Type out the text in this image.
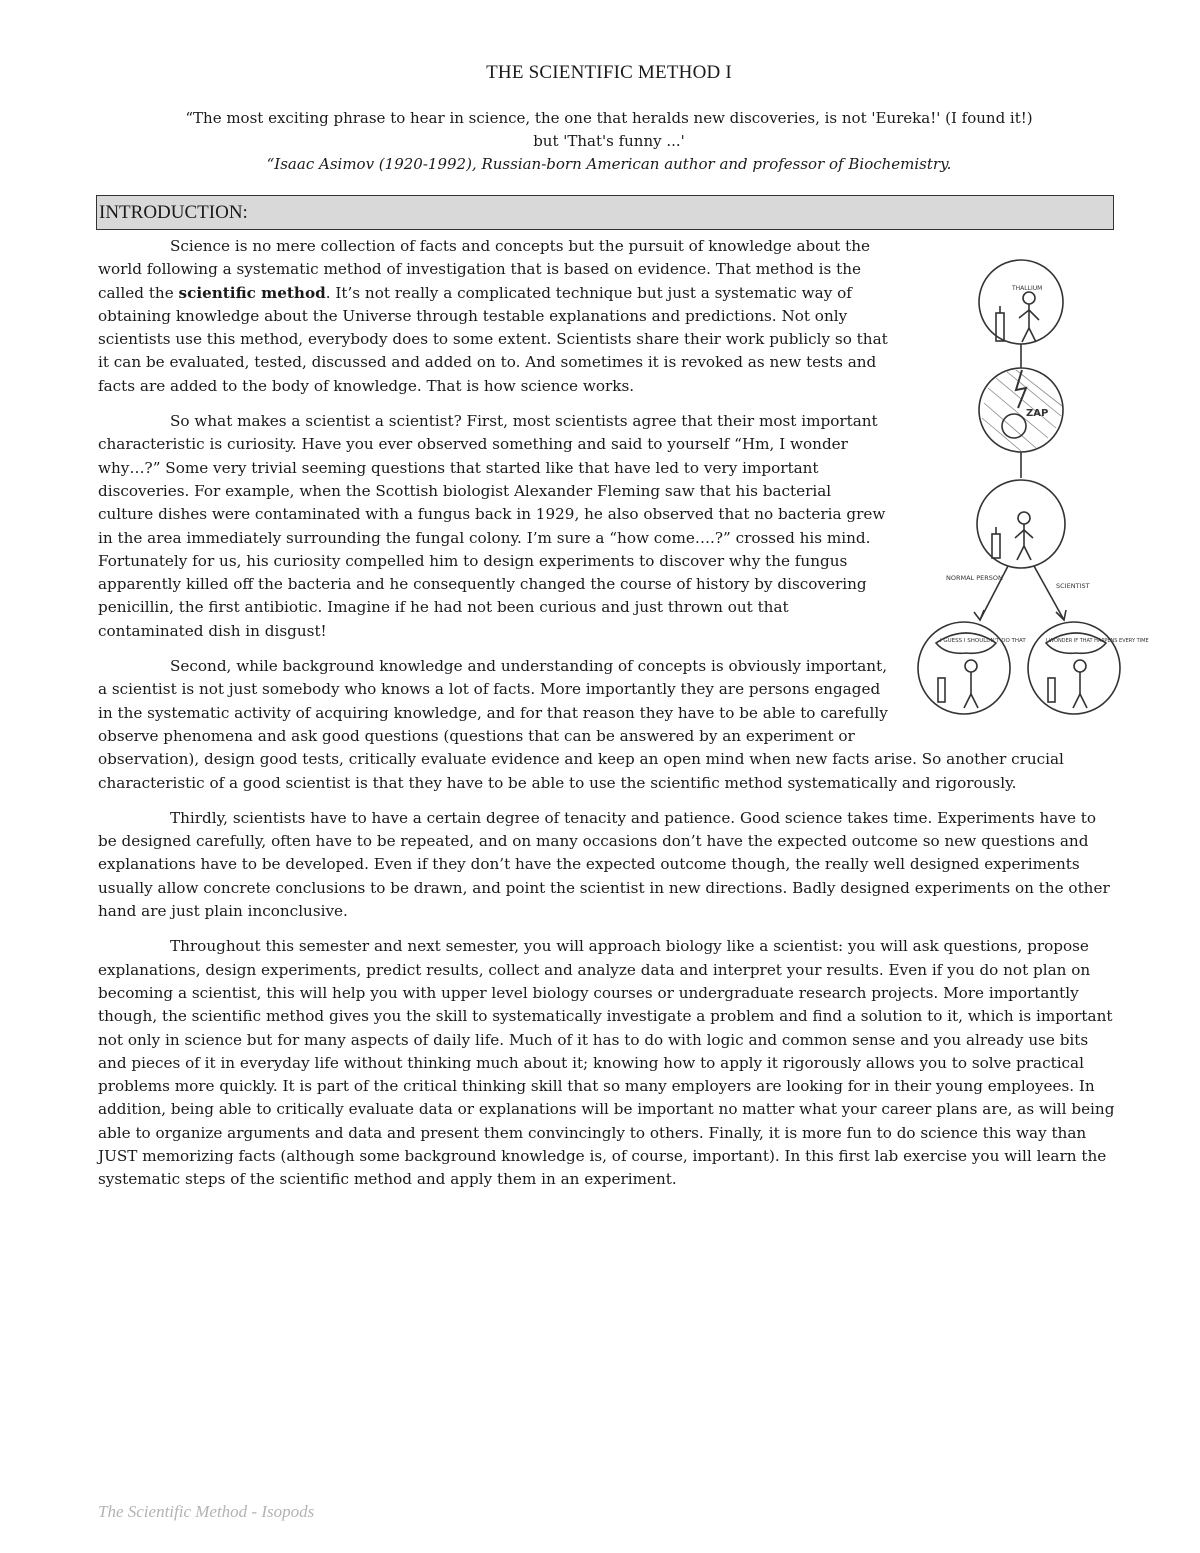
THE SCIENTIFIC METHOD I
“The most exciting phrase to hear in science, the one that heralds new discoveries, is not 'Eureka!' (I found it!)
but 'That's funny ...'
“Isaac Asimov (1920-1992), Russian-born American author and professor of Biochemistry.
INTRODUCTION:

Science is no mere collection of facts and concepts but the pursuit of knowledge about the world following a systematic method of investigation that is based on evidence. That method is the called the scientific method. It’s not really a complicated technique but just a systematic way of obtaining knowledge about the Universe through testable explanations and predictions. Not only scientists use this method, everybody does to some extent. Scientists share their work publicly so that it can be evaluated, tested, discussed and added on to. And sometimes it is revoked as new tests and facts are added to the body of knowledge. That is how science works.

So what makes a scientist a scientist? First, most scientists agree that their most important characteristic is curiosity. Have you ever observed something and said to yourself “Hm, I wonder why…?” Some very trivial seeming questions that started like that have led to very important discoveries. For example, when the Scottish biologist Alexander Fleming saw that his bacterial culture dishes were contaminated with a fungus back in 1929, he also observed that no bacteria grew in the area immediately surrounding the fungal colony. I’m sure a “how come….?” crossed his mind. Fortunately for us, his curiosity compelled him to design experiments to discover why the fungus apparently killed off the bacteria and he consequently changed the course of history by discovering penicillin, the first antibiotic. Imagine if he had not been curious and just thrown out that contaminated dish in disgust!

Second, while background knowledge and understanding of concepts is obviously important, a scientist is not just somebody who knows a lot of facts. More importantly they are persons engaged in the systematic activity of acquiring knowledge, and for that reason they have to be able to carefully observe phenomena and ask good questions (questions that can be answered by an experiment or observation), design good tests, critically evaluate evidence and keep an open mind when new facts arise. So another crucial characteristic of a good scientist is that they have to be able to use the scientific method systematically and rigorously.

Thirdly, scientists have to have a certain degree of tenacity and patience. Good science takes time. Experiments have to be designed carefully, often have to be repeated, and on many occasions don’t have the expected outcome so new questions and explanations have to be developed. Even if they don’t have the expected outcome though, the really well designed experiments usually allow concrete conclusions to be drawn, and point the scientist in new directions. Badly designed experiments on the other hand are just plain inconclusive.

Throughout this semester and next semester, you will approach biology like a scientist: you will ask questions, propose explanations, design experiments, predict results, collect and analyze data and interpret your results. Even if you do not plan on becoming a scientist, this will help you with upper level biology courses or undergraduate research projects. More importantly though, the scientific method gives you the skill to systematically investigate a problem and find a solution to it, which is important not only in science but for many aspects of daily life. Much of it has to do with logic and common sense and you already use bits and pieces of it in everyday life without thinking much about it; knowing how to apply it rigorously allows you to solve practical problems more quickly. It is part of the critical thinking skill that so many employers are looking for in their young employees. In addition, being able to critically evaluate data or explanations will be important no matter what your career plans are, as will being able to organize arguments and data and present them convincingly to others. Finally, it is more fun to do science this way than JUST memorizing facts (although some background knowledge is, of course, important). In this first lab exercise you will learn the systematic steps of the scientific method and apply them in an experiment.

THALLIUM
ZAP
NORMAL PERSON
SCIENTIST
I GUESS I SHOULDN'T DO THAT	I WONDER IF THAT HAPPENS EVERY TIME
The Scientific Method - Isopods
